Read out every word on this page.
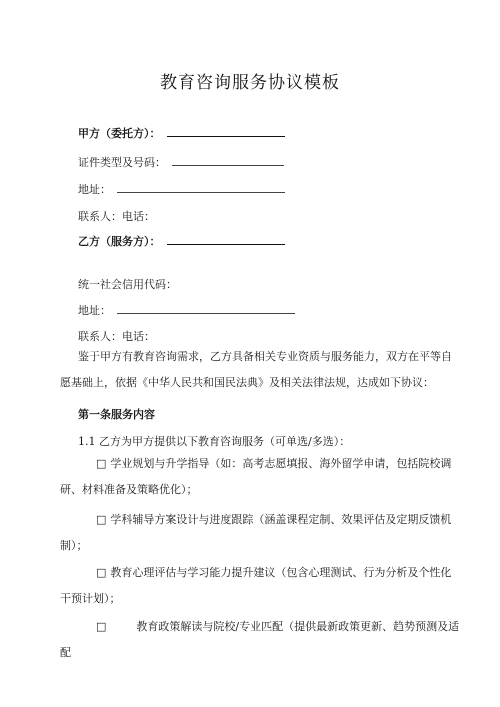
教育咨询服务协议模板
甲方（委托方）：
证件类型及号码：
地址：
联系人：电话：
乙方（服务方）：
统一社会信用代码：
地址：
联系人：电话：
鉴于甲方有教育咨询需求，乙方具备相关专业资质与服务能力，双方在平等自愿基础上，依据《中华人民共和国民法典》及相关法律法规，达成如下协议：
第一条服务内容
1.1 乙方为甲方提供以下教育咨询服务（可单选/多选）：
□ 学业规划与升学指导（如：高考志愿填报、海外留学申请，包括院校调研、材料准备及策略优化）；
□ 学科辅导方案设计与进度跟踪（涵盖课程定制、效果评估及定期反馈机制）；
□ 教育心理评估与学习能力提升建议（包含心理测试、行为分析及个性化干预计划）；
□	教育政策解读与院校/专业匹配（提供最新政策更新、趋势预测及适配
